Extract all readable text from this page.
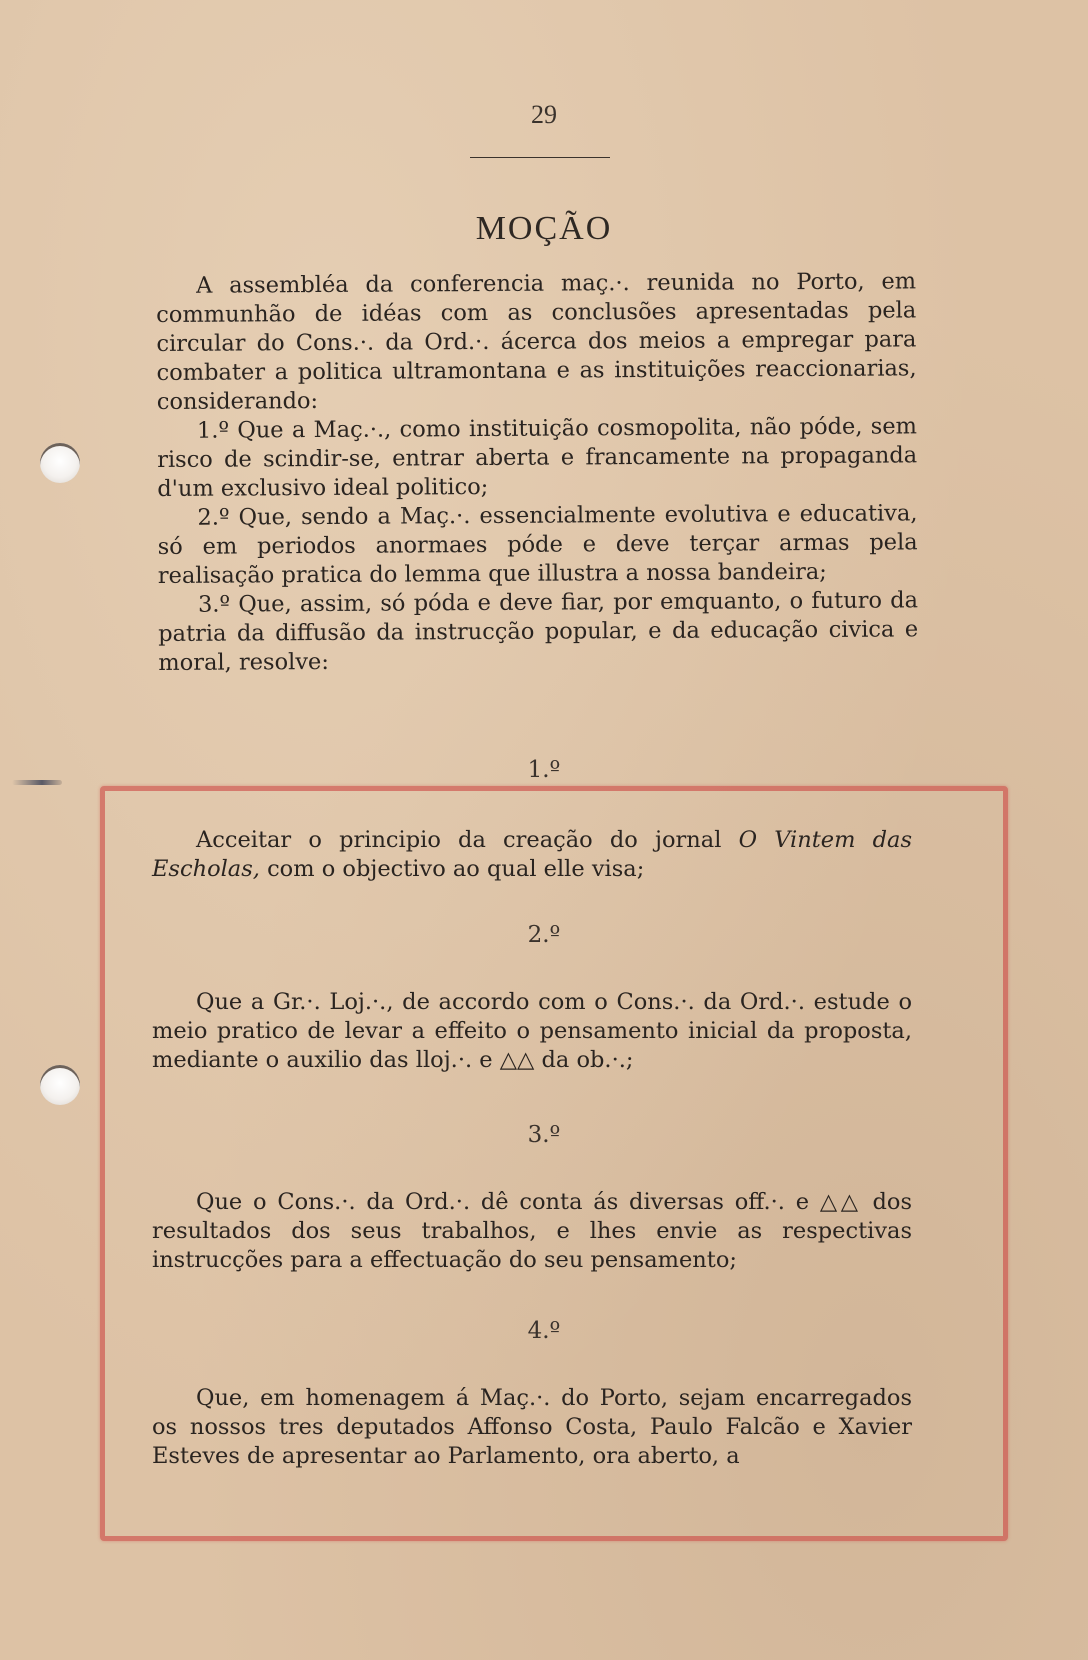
29
MOÇÃO

A assembléa da conferencia maç.·. reunida no Porto, em communhão de idéas com as conclusões apresentadas pela circular do Cons.·. da Ord.·. ácerca dos meios a empregar para combater a politica ultramontana e as instituições reaccionarias, considerando:

1.º Que a Maç.·., como instituição cosmopolita, não póde, sem risco de scindir-se, entrar aberta e francamente na propaganda d'um exclusivo ideal politico;

2.º Que, sendo a Maç.·. essencialmente evolutiva e educativa, só em periodos anormaes póde e deve terçar armas pela realisação pratica do lemma que illustra a nossa bandeira;

3.º Que, assim, só póda e deve fiar, por emquanto, o futuro da patria da diffusão da instrucção popular, e da educação civica e moral, resolve:

1.º

Acceitar o principio da creação do jornal O Vintem das Escholas, com o objectivo ao qual elle visa;

2.º

Que a Gr.·. Loj.·., de accordo com o Cons.·. da Ord.·. estude o meio pratico de levar a effeito o pensamento inicial da proposta, mediante o auxilio das lloj.·. e △△ da ob.·.;

3.º

Que o Cons.·. da Ord.·. dê conta ás diversas off.·. e △△ dos resultados dos seus trabalhos, e lhes envie as respectivas instrucções para a effectuação do seu pensamento;

4.º

Que, em homenagem á Maç.·. do Porto, sejam encarregados os nossos tres deputados Affonso Costa, Paulo Falcão e Xavier Esteves de apresentar ao Parlamento, ora aberto, a
